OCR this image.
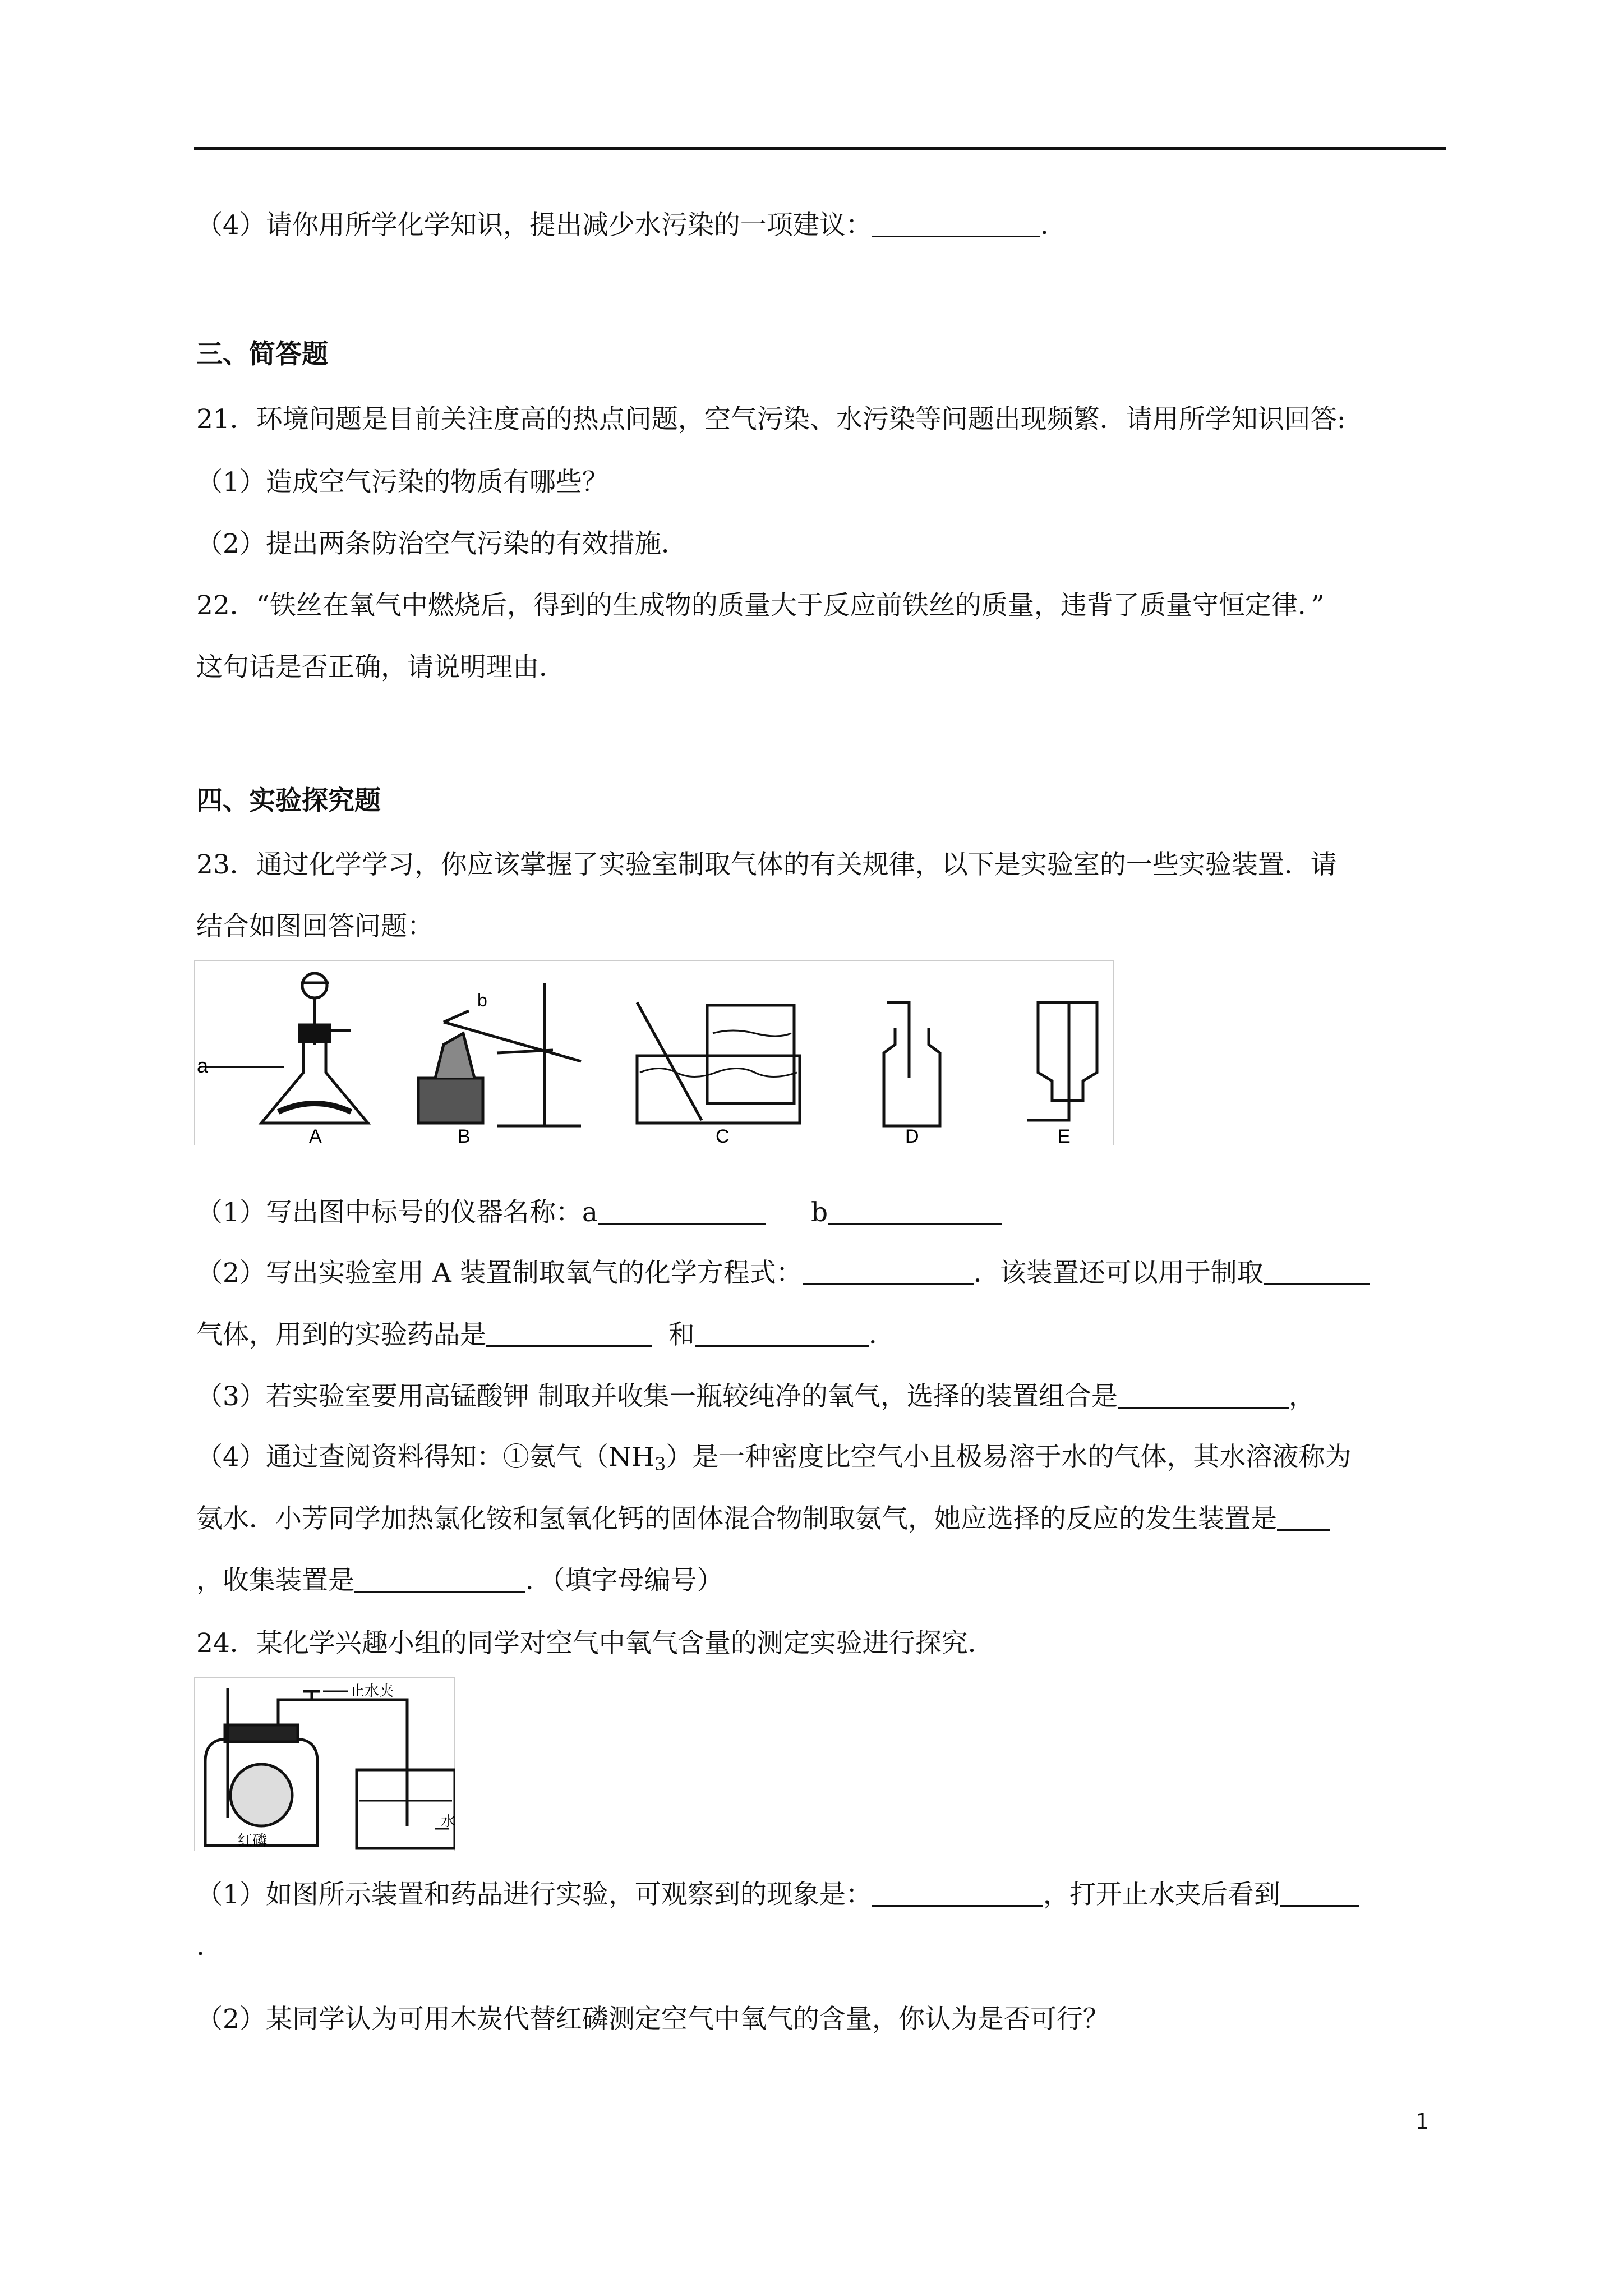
（4）请你用所学化学知识，提出减少水污染的一项建议：	.
三、简答题
21．环境问题是目前关注度高的热点问题，空气污染、水污染等问题出现频繁．请用所学知识回答:
（1）造成空气污染的物质有哪些？
（2）提出两条防治空气污染的有效措施．
22．“铁丝在氧气中燃烧后，得到的生成物的质量大于反应前铁丝的质量，违背了质量守恒定律．”
这句话是否正确，请说明理由．
四、实验探究题
23．通过化学学习，你应该掌握了实验室制取气体的有关规律，以下是实验室的一些实验装置．请
结合如图回答问题：
a
A
b
B	C	D	E
（1）写出图中标号的仪器名称：a	b
（2）写出实验室用 A 装置制取氧气的化学方程式：	．该装置还可以用于制取
气体，用到的实验药品是	和	．
（3）若实验室要用高锰酸钾 制取并收集一瓶较纯净的氧气，选择的装置组合是	，
（4）通过查阅资料得知：①氨气$(NH_3)$是一种密度比空气小且极易溶于水的气体，其水溶液称为
氨水．小芳同学加热氯化铵和氢氧化钙的固体混合物制取氨气，她应选择的反应的发生装置是
，收集装置是	．（填字母编号）
24．某化学兴趣小组的同学对空气中氧气含量的测定实验进行探究．
止水夹
红磷
水
（1）如图所示装置和药品进行实验，可观察到的现象是：	，打开止水夹后看到
.
（2）某同学认为可用木炭代替红磷测定空气中氧气的含量，你认为是否可行？
1
